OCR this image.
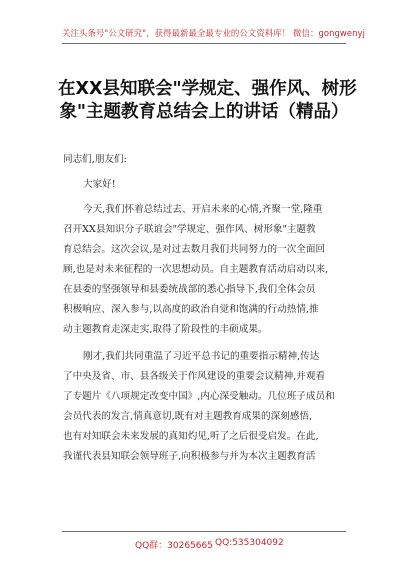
关注头条号"公文研究"，获得最新最全最专业的公文资料库！ 微信：gongwenyj
在XX县知联会"学规定、强作风、树形
象"主题教育总结会上的讲话（精品）
同志们,朋友们:
大家好!
今天,我们怀着总结过去、开启未来的心情,齐聚一堂,隆重
召开XX县知识分子联谊会"学规定、强作风、树形象"主题教
育总结会。这次会议,是对过去数月我们共同努力的一次全面回
顾,也是对未来征程的一次思想动员。自主题教育活动启动以来,
在县委的坚强领导和县委统战部的悉心指导下,我们全体会员
积极响应、深入参与,以高度的政治自觉和饱满的行动热情,推
动主题教育走深走实,取得了阶段性的丰硕成果。
刚才,我们共同重温了习近平总书记的重要指示精神,传达
了中央及省、市、县各级关于作风建设的重要会议精神,并观看
了专题片《八项规定改变中国》,内心深受触动。几位班子成员和
会员代表的发言,情真意切,既有对主题教育成果的深刻感悟,
也有对知联会未来发展的真知灼见,听了之后很受启发。在此,
我谨代表县知联会领导班子,向积极参与并为本次主题教育活
QQ群：30265665 QQ:535304092
